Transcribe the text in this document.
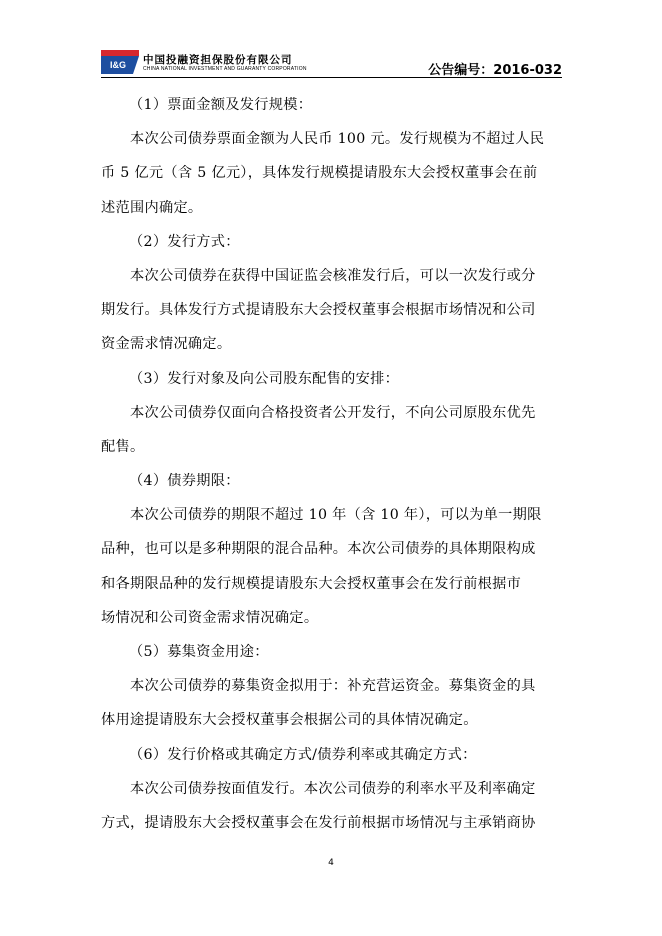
I&G 中国投融资担保股份有限公司
CHINA NATIONAL INVESTMENT AND GUARANTY CORPORATION	公告编号：2016-032
（1）票面金额及发行规模：
　　本次公司债券票面金额为人民币 100 元。发行规模为不超过人民
币 5 亿元（含 5 亿元），具体发行规模提请股东大会授权董事会在前
述范围内确定。
（2）发行方式：
　　本次公司债券在获得中国证监会核准发行后，可以一次发行或分
期发行。具体发行方式提请股东大会授权董事会根据市场情况和公司
资金需求情况确定。
（3）发行对象及向公司股东配售的安排：
　　本次公司债券仅面向合格投资者公开发行，不向公司原股东优先
配售。
（4）债券期限：
　　本次公司债券的期限不超过 10 年（含 10 年），可以为单一期限
品种，也可以是多种期限的混合品种。本次公司债券的具体期限构成
和各期限品种的发行规模提请股东大会授权董事会在发行前根据市
场情况和公司资金需求情况确定。
（5）募集资金用途：
　　本次公司债券的募集资金拟用于：补充营运资金。募集资金的具
体用途提请股东大会授权董事会根据公司的具体情况确定。
（6）发行价格或其确定方式/债券利率或其确定方式：
　　本次公司债券按面值发行。本次公司债券的利率水平及利率确定
方式，提请股东大会授权董事会在发行前根据市场情况与主承销商协
4
